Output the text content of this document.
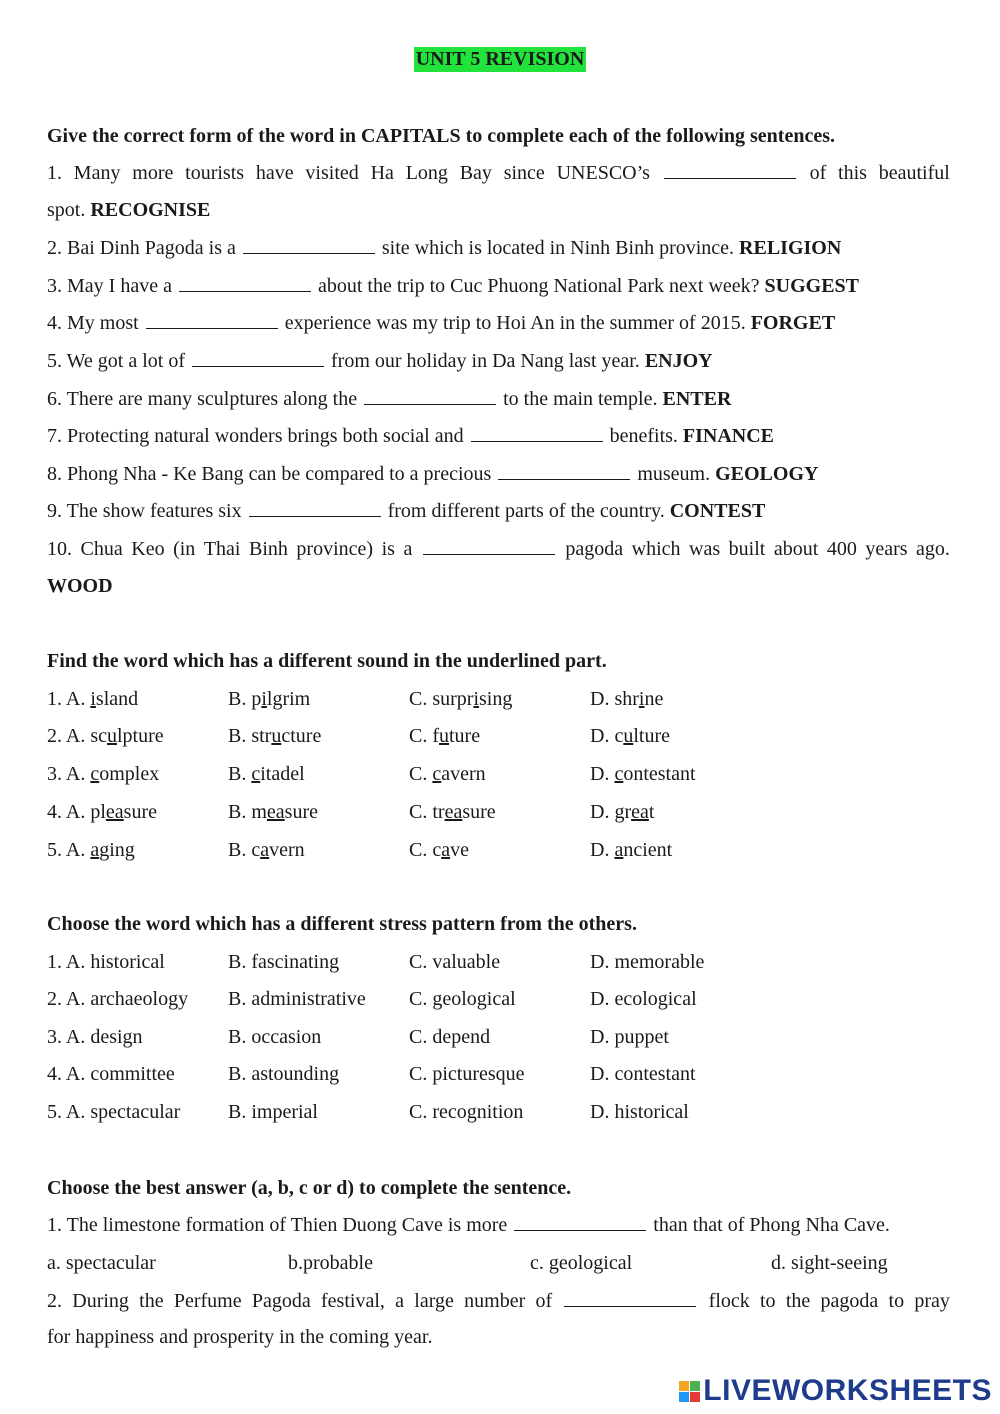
UNIT 5 REVISION
Give the correct form of the word in CAPITALS to complete each of the following sentences.
1. Many more tourists have visited Ha Long Bay since UNESCO’s	of this beautiful
spot. RECOGNISE
2. Bai Dinh Pagoda is a	site which is located in Ninh Binh province. RELIGION
3. May I have a	about the trip to Cuc Phuong National Park next week? SUGGEST
4. My most	experience was my trip to Hoi An in the summer of 2015. FORGET
5. We got a lot of	from our holiday in Da Nang last year. ENJOY
6. There are many sculptures along the	to the main temple. ENTER
7. Protecting natural wonders brings both social and	benefits. FINANCE
8. Phong Nha - Ke Bang can be compared to a precious	museum. GEOLOGY
9. The show features six	from different parts of the country. CONTEST
10. Chua Keo (in Thai Binh province) is a	pagoda which was built about 400 years ago.
WOOD
Find the word which has a different sound in the underlined part.
1. A. island	B. pilgrim	C. surprising	D. shrine
2. A. sculpture	B. structure	C. future	D. culture
3. A. complex	B. citadel	C. cavern	D. contestant
4. A. pleasure	B. measure	C. treasure	D. great
5. A. aging	B. cavern	C. cave	D. ancient
Choose the word which has a different stress pattern from the others.
1. A. historical	B. fascinating	C. valuable	D. memorable
2. A. archaeology B. administrative C. geological	D. ecological
3. A. design	B. occasion	C. depend	D. puppet
4. A. committee	B. astounding	C. picturesque	D. contestant
5. A. spectacular B. imperial	C. recognition	D. historical
Choose the best answer (a, b, c or d) to complete the sentence.
1. The limestone formation of Thien Duong Cave is more	than that of Phong Nha Cave.
a. spectacular	b.probable	c. geological	d. sight-seeing
2. During the Perfume Pagoda festival, a large number of	flock to the pagoda to pray
for happiness and prosperity in the coming year.
LIVEWORKSHEETS
